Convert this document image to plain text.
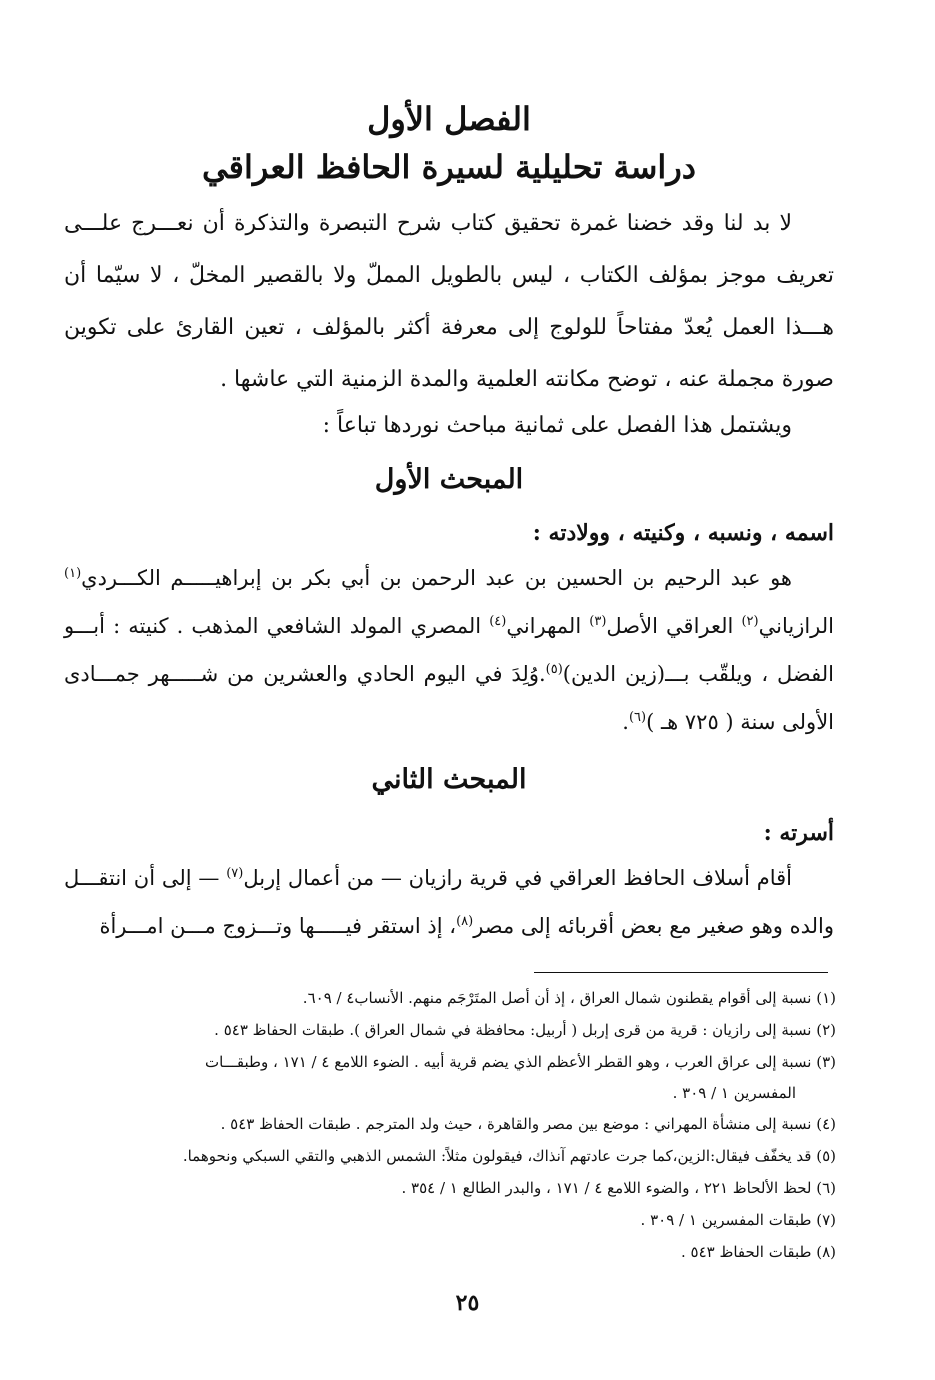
الفصل الأول
دراسة تحليلية لسيرة الحافظ العراقي

لا بد لنا وقد خضنا غمرة تحقيق كتاب شرح التبصرة والتذكرة أن نعـــرج علـــى تعريف موجز بمؤلف الكتاب ، ليس بالطويل المملّ ولا بالقصير المخلّ ، لا سيّما أن هـــذا العمل يُعدّ مفتاحاً للولوج إلى معرفة أكثر بالمؤلف ، تعين القارئ على تكوين صورة مجملة عنه ، توضح مكانته العلمية والمدة الزمنية التي عاشها .

ويشتمل هذا الفصل على ثمانية مباحث نوردها تباعاً :

المبحث الأول

اسمه ، ونسبه ، وكنيته ، وولادته :

هو عبد الرحيم بن الحسين بن عبد الرحمن بن أبي بكر بن إبراهيـــــم الكـــردي$^{(١)}$ الرازياني$^{(٢)}$ العراقي الأصل$^{(٣)}$ المهراني$^{(٤)}$ المصري المولد الشافعي المذهب . كنيته : أبـــو الفضل ، ويلقّب بـــ(زين الدين)$^{(٥)}$.وُلِدَ في اليوم الحادي والعشرين من شـــــهر جمـــادى الأولى سنة ( ٧٢٥ هـ )$^{(٦)}$.

المبحث الثاني

أسرته :

أقام أسلاف الحافظ العراقي في قرية رازيان — من أعمال إربل$^{(٧)}$ — إلى أن انتقـــل والده وهو صغير مع بعض أقربائه إلى مصر$^{(٨)}$، إذ استقر فيـــــها وتـــزوج مـــن امـــرأة

(١) نسبة إلى أقوام يقطنون شمال العراق ، إذ أن أصل المتَرْجَم منهم. الأنساب٤ / ٦٠٩.

(٢) نسبة إلى رازيان : قرية من قرى إربل ( أربيل: محافظة في شمال العراق ). طبقات الحفاظ ٥٤٣ .

(٣) نسبة إلى عراق العرب ، وهو القطر الأعظم الذي يضم قرية أبيه . الضوء اللامع ٤ / ١٧١ ، وطبقـــات

المفسرين ١ / ٣٠٩ .

(٤) نسبة إلى منشأة المهراني : موضع بين مصر والقاهرة ، حيث ولد المترجم . طبقات الحفاظ ٥٤٣ .

(٥) قد يخفّف فيقال:الزين،كما جرت عادتهم آنذاك، فيقولون مثلاً: الشمس الذهبي والتقي السبكي ونحوهما.

(٦) لحظ الألحاظ ٢٢١ ، والضوء اللامع ٤ / ١٧١ ، والبدر الطالع ١ / ٣٥٤ .

(٧) طبقات المفسرين ١ / ٣٠٩ .

(٨) طبقات الحفاظ ٥٤٣ .

٢٥
